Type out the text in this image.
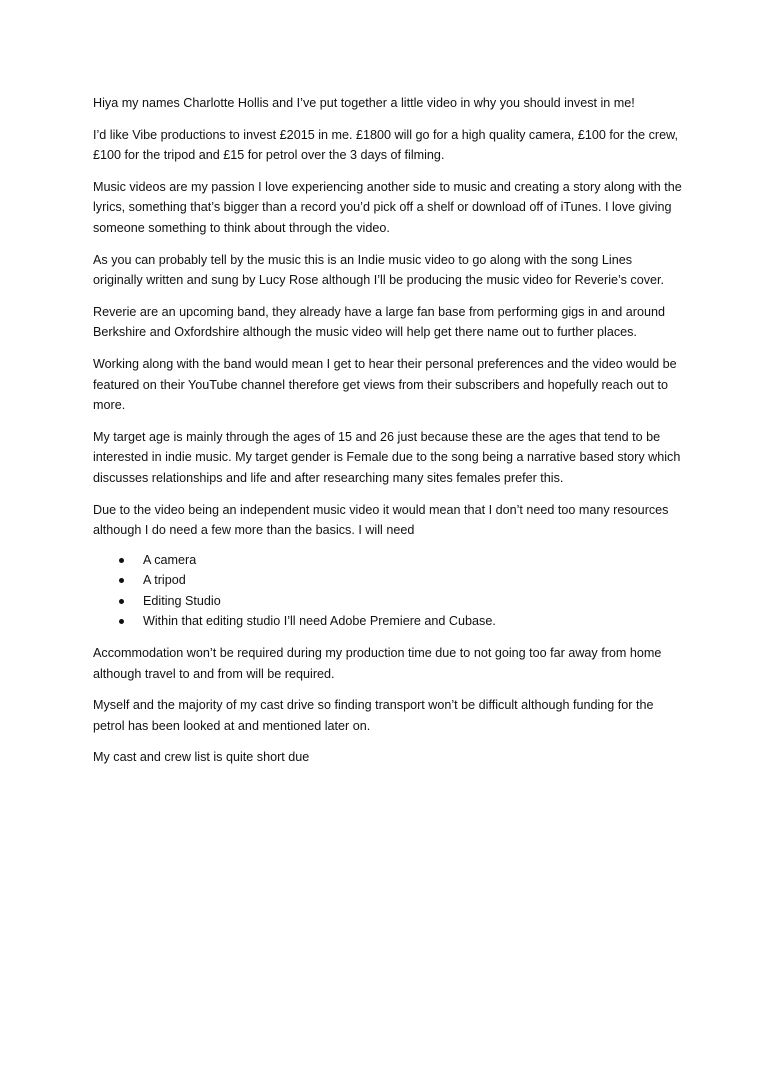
Hiya my names Charlotte Hollis and I’ve put together a little video in why you should invest in me!

I’d like Vibe productions to invest £2015 in me. £1800 will go for a high quality camera, £100 for the crew, £100 for the tripod and £15 for petrol over the 3 days of filming.

Music videos are my passion I love experiencing another side to music and creating a story along with the lyrics, something that’s bigger than a record you’d pick off a shelf or download off of iTunes. I love giving someone something to think about through the video.

As you can probably tell by the music this is an Indie music video to go along with the song Lines originally written and sung by Lucy Rose although I’ll be producing the music video for Reverie’s cover.

Reverie are an upcoming band, they already have a large fan base from performing gigs in and around Berkshire and Oxfordshire although the music video will help get there name out to further places.

Working along with the band would mean I get to hear their personal preferences and the video would be featured on their YouTube channel therefore get views from their subscribers and hopefully reach out to more.

My target age is mainly through the ages of 15 and 26 just because these are the ages that tend to be interested in indie music. My target gender is Female due to the song being a narrative based story which discusses relationships and life and after researching many sites females prefer this.

Due to the video being an independent music video it would mean that I don’t need too many resources although I do need a few more than the basics. I will need

A camera
A tripod
Editing Studio
Within that editing studio I’ll need Adobe Premiere and Cubase.

Accommodation won’t be required during my production time due to not going too far away from home although travel to and from will be required.

Myself and the majority of my cast drive so finding transport won’t be difficult although funding for the petrol has been looked at and mentioned later on.

My cast and crew list is quite short due
